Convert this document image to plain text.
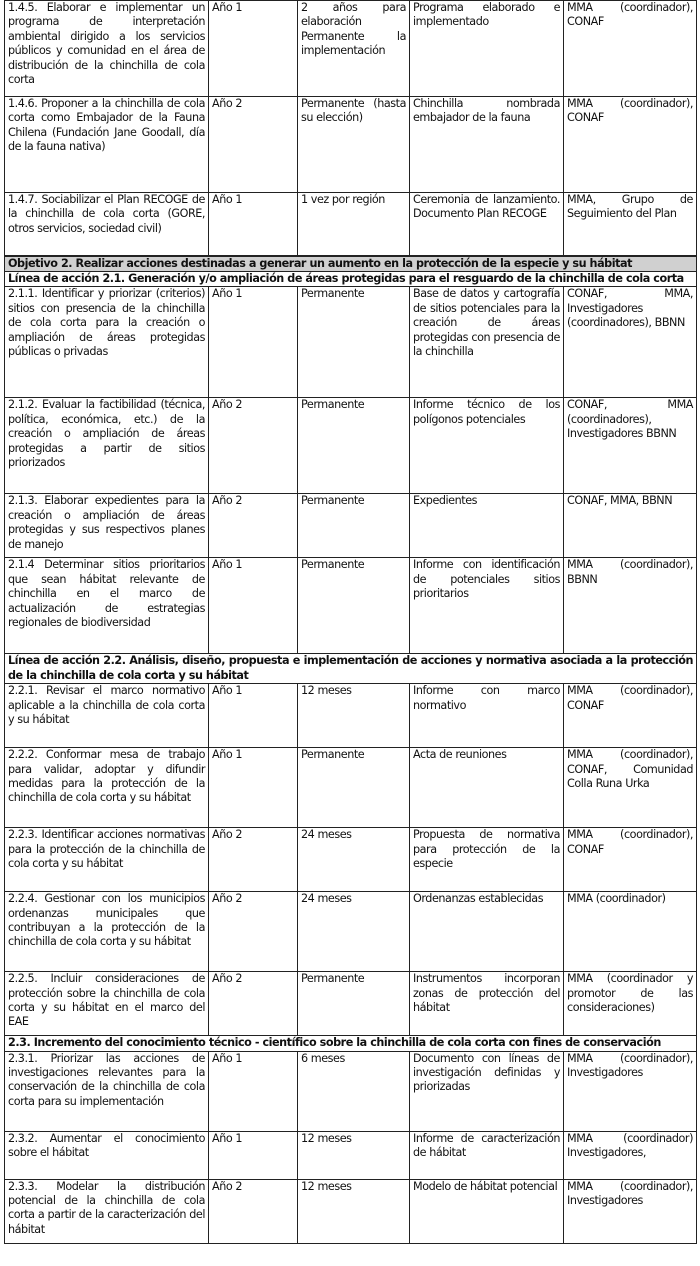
1.4.5. Elaborar e implementar un programa de interpretación ambiental dirigido a los servicios públicos y comunidad en el área de distribución de la chinchilla de cola corta	Año 1	2 años para elaboración Permanente la implementación	Programa elaborado e implementado	MMA (coordinador), CONAF
1.4.6. Proponer a la chinchilla de cola corta como Embajador de la Fauna Chilena (Fundación Jane Goodall, día de la fauna nativa)	Año 2	Permanente (hasta su elección)	Chinchilla nombrada embajador de la fauna	MMA (coordinador), CONAF
1.4.7. Sociabilizar el Plan RECOGE de la chinchilla de cola corta (GORE, otros servicios, sociedad civil)	Año 1	1 vez por región	Ceremonia de lanzamiento. Documento Plan RECOGE	MMA, Grupo de Seguimiento del Plan
Objetivo 2. Realizar acciones destinadas a generar un aumento en la protección de la especie y su hábitat				
Línea de acción 2.1. Generación y/o ampliación de áreas protegidas para el resguardo de la chinchilla de cola corta				
2.1.1. Identificar y priorizar (criterios) sitios con presencia de la chinchilla de cola corta para la creación o ampliación de áreas protegidas públicas o privadas	Año 1	Permanente	Base de datos y cartografía de sitios potenciales para la creación de áreas protegidas con presencia de la chinchilla	CONAF, MMA, Investigadores (coordinadores), BBNN
2.1.2. Evaluar la factibilidad (técnica, política, económica, etc.) de la creación o ampliación de áreas protegidas a partir de sitios priorizados	Año 2	Permanente	Informe técnico de los polígonos potenciales	CONAF, MMA (coordinadores), Investigadores BBNN
2.1.3. Elaborar expedientes para la creación o ampliación de áreas protegidas y sus respectivos planes de manejo	Año 2	Permanente	Expedientes	CONAF, MMA, BBNN
2.1.4 Determinar sitios prioritarios que sean hábitat relevante de chinchilla en el marco de actualización de estrategias regionales de biodiversidad	Año 1	Permanente	Informe con identificación de potenciales sitios prioritarios	MMA (coordinador), BBNN
Línea de acción 2.2. Análisis, diseño, propuesta e implementación de acciones y normativa asociada a la protección de la chinchilla de cola corta y su hábitat				
2.2.1. Revisar el marco normativo aplicable a la chinchilla de cola corta y su hábitat	Año 1	12 meses	Informe con marco normativo	MMA (coordinador), CONAF
2.2.2. Conformar mesa de trabajo para validar, adoptar y difundir medidas para la protección de la chinchilla de cola corta y su hábitat	Año 1	Permanente	Acta de reuniones	MMA (coordinador), CONAF, Comunidad Colla Runa Urka
2.2.3. Identificar acciones normativas para la protección de la chinchilla de cola corta y su hábitat	Año 2	24 meses	Propuesta de normativa para protección de la especie	MMA (coordinador), CONAF
2.2.4. Gestionar con los municipios ordenanzas municipales que contribuyan a la protección de la chinchilla de cola corta y su hábitat	Año 2	24 meses	Ordenanzas establecidas	MMA (coordinador)
2.2.5. Incluir consideraciones de protección sobre la chinchilla de cola corta y su hábitat en el marco del EAE	Año 2	Permanente	Instrumentos incorporan zonas de protección del hábitat	MMA (coordinador y promotor de las consideraciones)
2.3. Incremento del conocimiento técnico - científico sobre la chinchilla de cola corta con fines de conservación				
2.3.1. Priorizar las acciones de investigaciones relevantes para la conservación de la chinchilla de cola corta para su implementación	Año 1	6 meses	Documento con líneas de investigación definidas y priorizadas	MMA (coordinador), Investigadores
2.3.2. Aumentar el conocimiento sobre el hábitat	Año 1	12 meses	Informe de caracterización de hábitat	MMA (coordinador) Investigadores,
2.3.3. Modelar la distribución potencial de la chinchilla de cola corta a partir de la caracterización del hábitat	Año 2	12 meses	Modelo de hábitat potencial	MMA (coordinador), Investigadores
